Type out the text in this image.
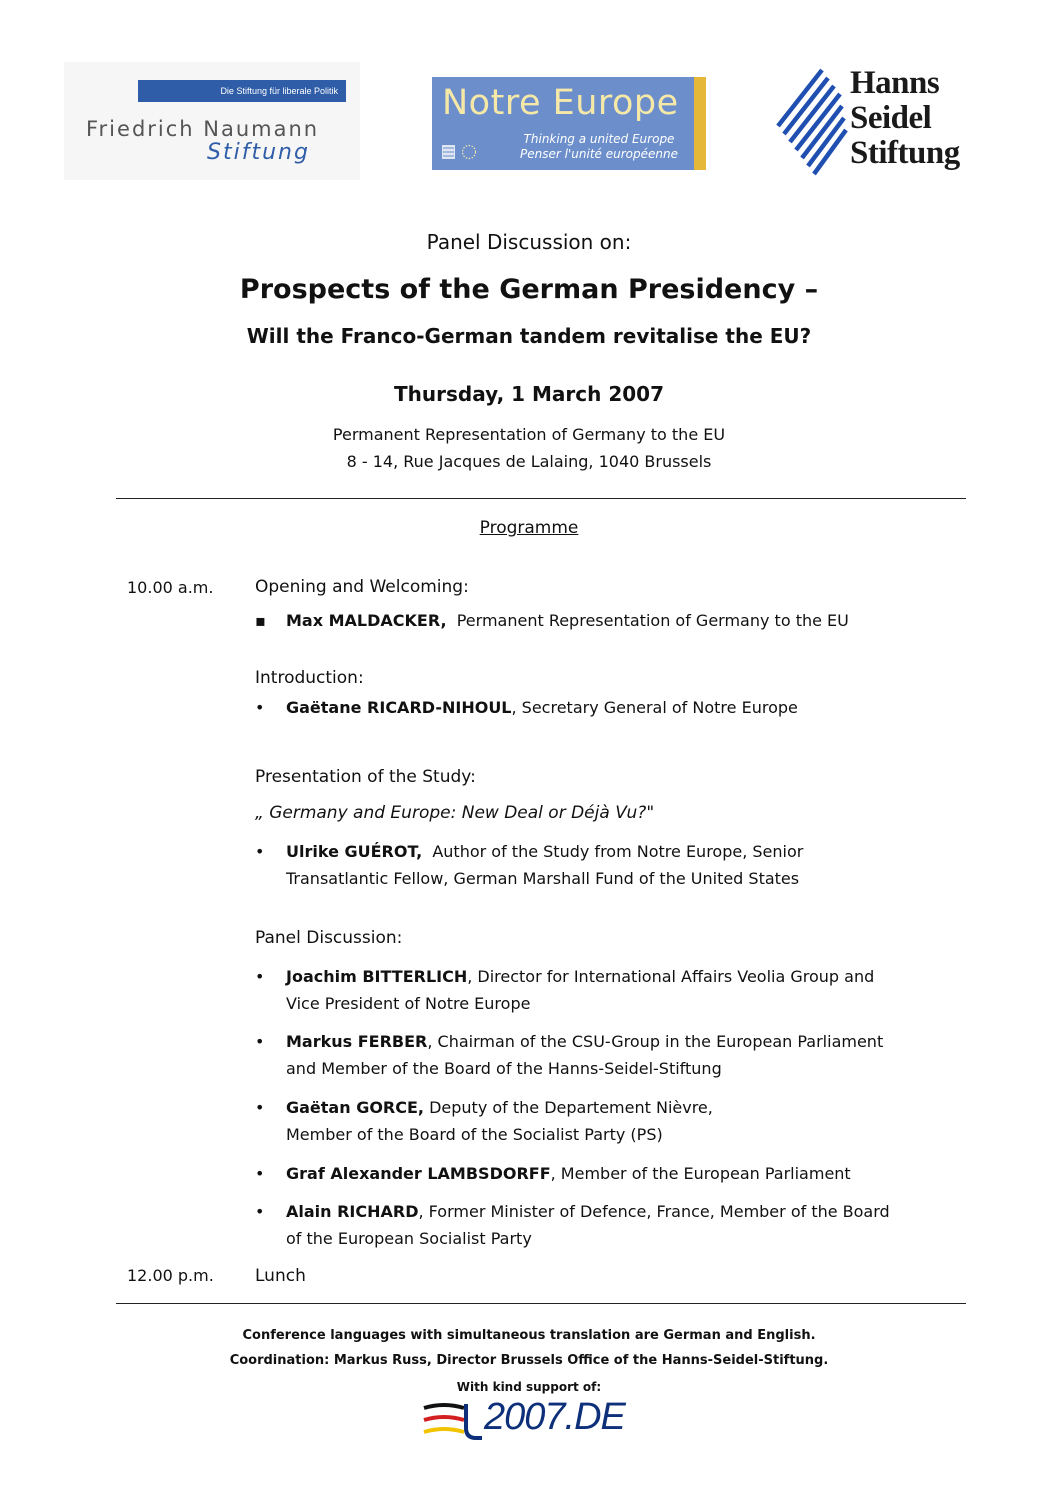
Die Stiftung für liberale Politik
Friedrich Naumann
Stiftung
Notre Europe
Thinking a united Europe
Penser l'unité européenne
Hanns
Seidel
Stiftung
Panel Discussion on:
Prospects of the German Presidency –
Will the Franco-German tandem revitalise the EU?
Thursday, 1 March 2007
Permanent Representation of Germany to the EU
8 - 14, Rue Jacques de Lalaing, 1040 Brussels
Programme
10.00 a.m. Opening and Welcoming:
▪	Max MALDACKER,  Permanent Representation of Germany to the EU
Introduction:
•	Gaëtane RICARD-NIHOUL, Secretary General of Notre Europe
Presentation of the Study:
„ Germany and Europe: New Deal or Déjà Vu?"
•	Ulrike GUÉROT,  Author of the Study from Notre Europe, Senior
Transatlantic Fellow, German Marshall Fund of the United States
Panel Discussion:
•	Joachim BITTERLICH, Director for International Affairs Veolia Group and
Vice President of Notre Europe
•	Markus FERBER, Chairman of the CSU-Group in the European Parliament
and Member of the Board of the Hanns-Seidel-Stiftung
•	Gaëtan GORCE, Deputy of the Departement Nièvre,
Member of the Board of the Socialist Party (PS)
•	Graf Alexander LAMBSDORFF, Member of the European Parliament
•	Alain RICHARD, Former Minister of Defence, France, Member of the Board
of the European Socialist Party
12.00 p.m. Lunch
Conference languages with simultaneous translation are German and English.
Coordination: Markus Russ, Director Brussels Office of the Hanns-Seidel-Stiftung.
With kind support of:
2007.DE
